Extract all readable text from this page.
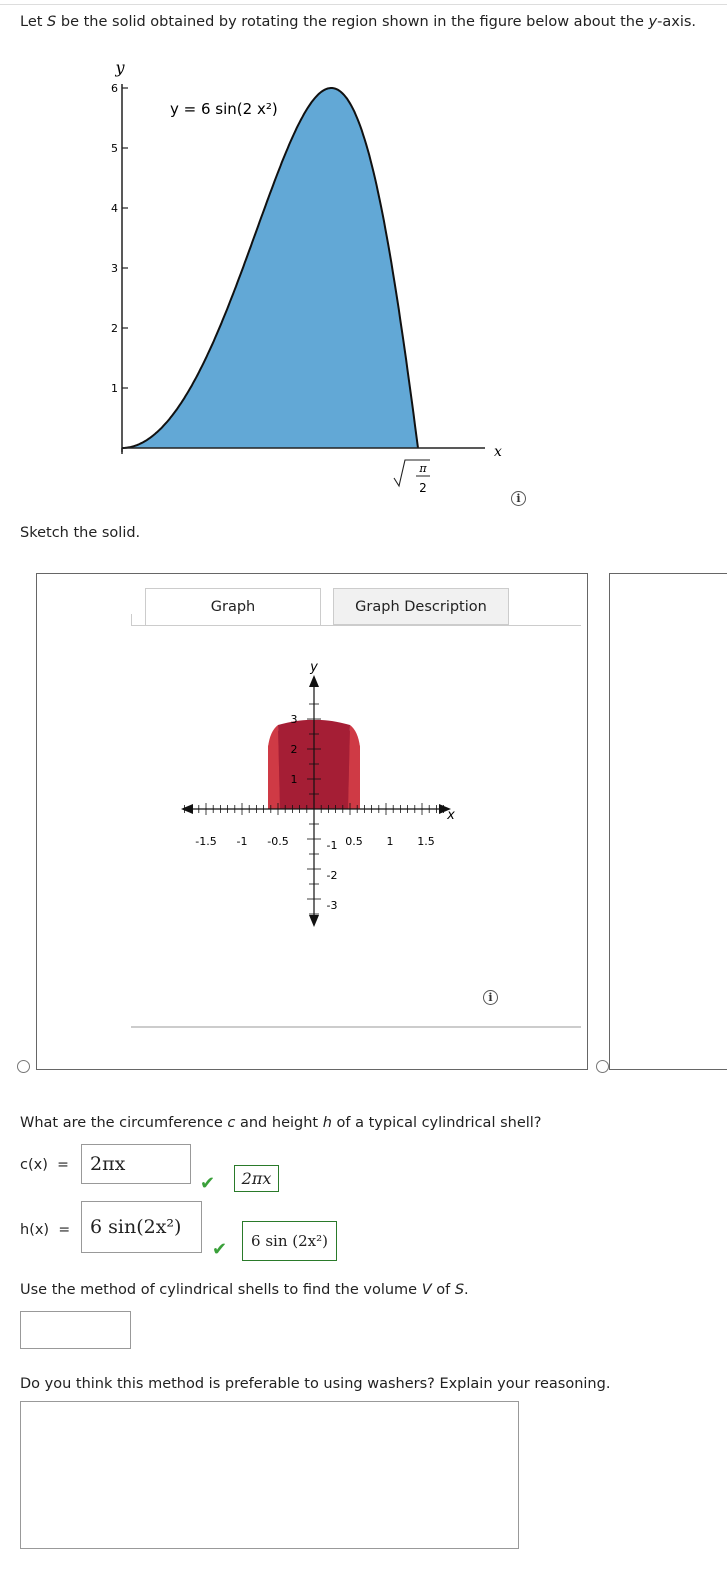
Let S be the solid obtained by rotating the region shown in the figure below about the y-axis.
1
2
3
4
5
6
y
x
y = 6 sin(2 x²)
π
2
i
Sketch the solid.
Graph	Graph Description
-1.5 -1 -0.5	0.5 1 1.5
1
2
3
-1
-2
-3
y
x
i
What are the circumference c and height h of a typical cylindrical shell?
c(x) =	2πx
✔	2πx
h(x) =	6 sin(2x²)
✔	6 sin (2x²)
Use the method of cylindrical shells to find the volume V of S.
Do you think this method is preferable to using washers? Explain your reasoning.
